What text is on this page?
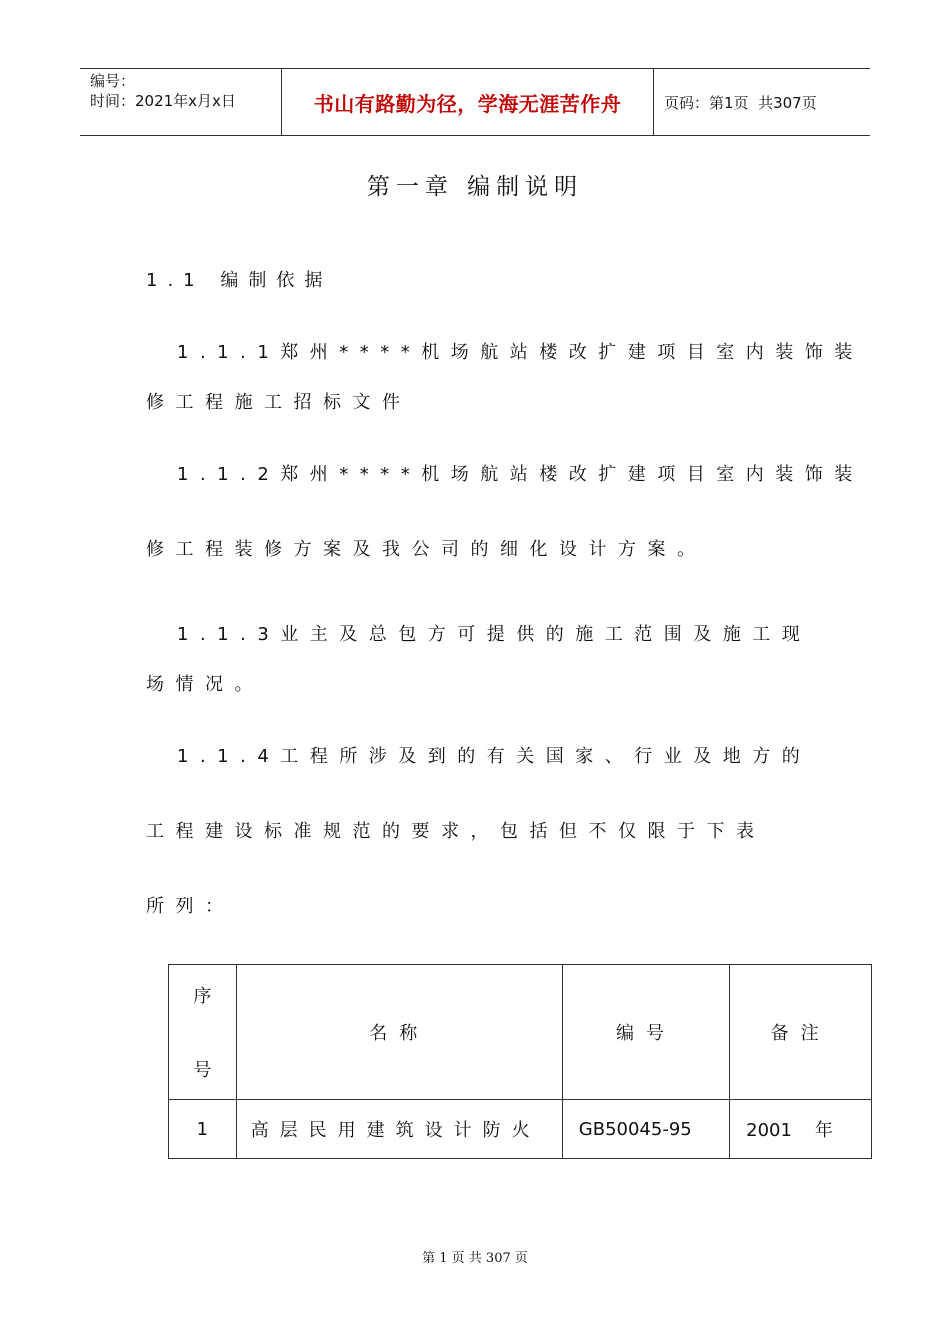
编号：
时间：2021年x月x日	书山有路勤为径，学海无涯苦作舟	页码：第1页  共307页
第一章 编制说明
1.1 编制依据
1.1.1郑州****机场航站楼改扩建项目室内装饰装
修工程施工招标文件
1.1.2郑州****机场航站楼改扩建项目室内装饰装
修工程装修方案及我公司的细化设计方案。
1.1.3业主及总包方可提供的施工范围及施工现
场情况。
1.1.4工程所涉及到的有关国家、行业及地方的
工程建设标准规范的要求，包括但不仅限于下表
所列：
序
号	名称	编号	备注
1	高层民用建筑设计防火	GB50045-95	2001    年
第 1 页 共 307 页
